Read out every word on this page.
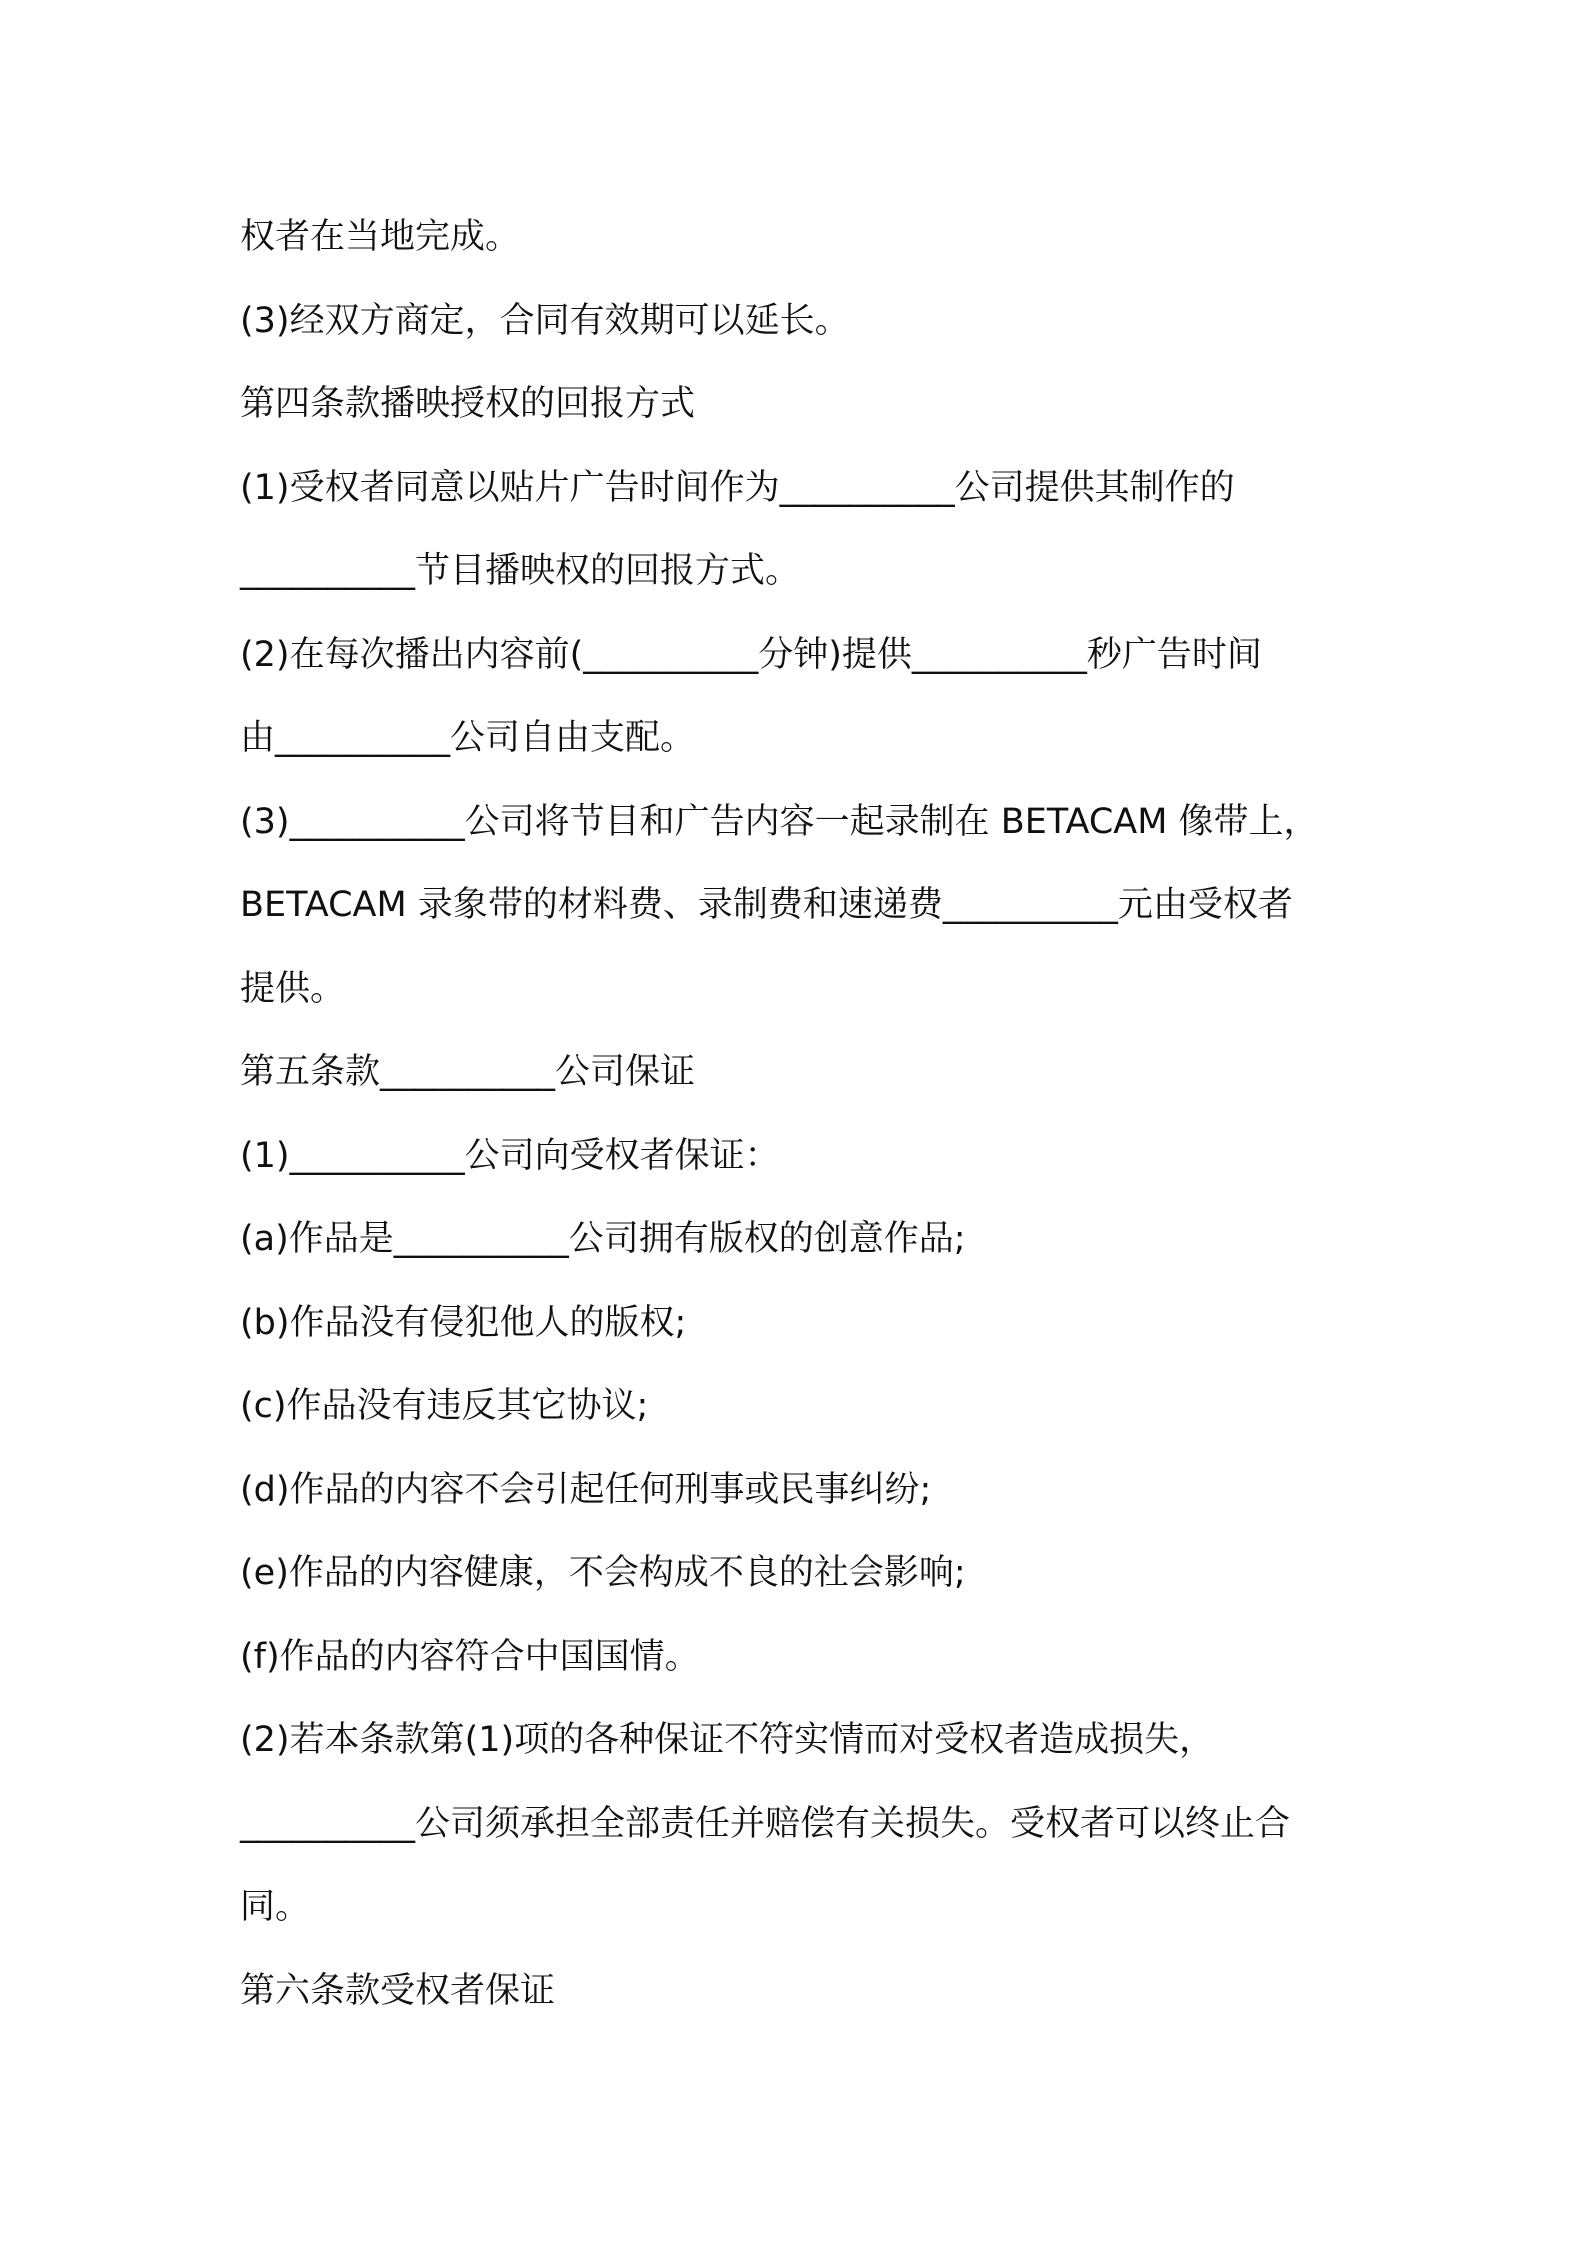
权者在当地完成。
(3)经双方商定，合同有效期可以延长。
第四条款播映授权的回报方式
(1)受权者同意以贴片广告时间作为__________公司提供其制作的
__________节目播映权的回报方式。
(2)在每次播出内容前(__________分钟)提供__________秒广告时间
由__________公司自由支配。
(3)__________公司将节目和广告内容一起录制在 BETACAM 像带上，
BETACAM 录象带的材料费、录制费和速递费__________元由受权者
提供。
第五条款__________公司保证
(1)__________公司向受权者保证：
(a)作品是__________公司拥有版权的创意作品;
(b)作品没有侵犯他人的版权;
(c)作品没有违反其它协议;
(d)作品的内容不会引起任何刑事或民事纠纷;
(e)作品的内容健康，不会构成不良的社会影响;
(f)作品的内容符合中国国情。
(2)若本条款第(1)项的各种保证不符实情而对受权者造成损失，
__________公司须承担全部责任并赔偿有关损失。受权者可以终止合
同。
第六条款受权者保证
